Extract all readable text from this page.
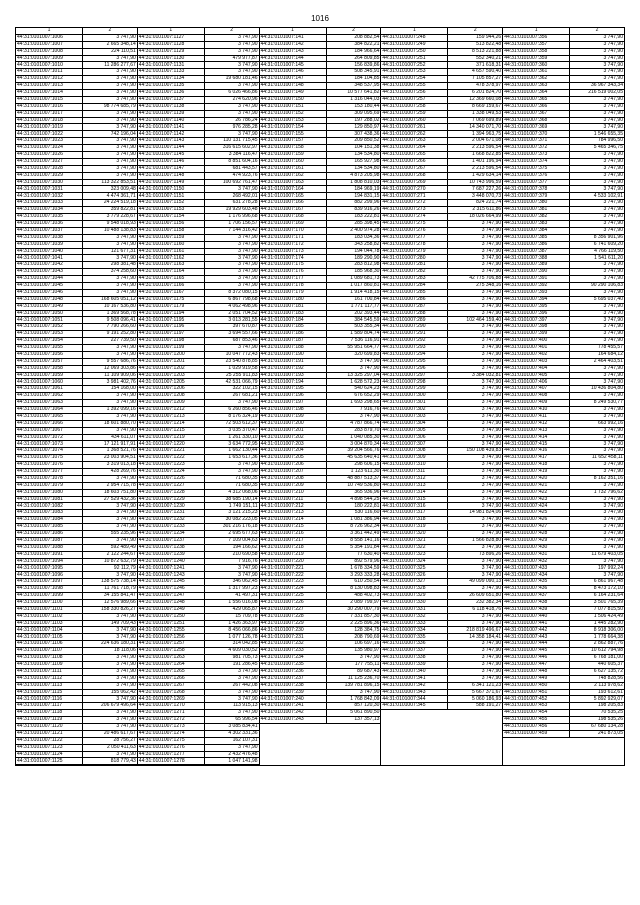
1016
1	2
44:31:0101007:1006	3 747,90
44:31:0101007:1007	2 665 348,14
44:31:0101007:1008	224 110,51
44:31:0101007:1009	3 747,90
44:31:0101007:1010	11 286 277,67
44:31:0101007:1011	3 747,90
44:31:0101007:1012	3 747,90
44:31:0101007:1013	3 747,90
44:31:0101007:1014	3 747,90
44:31:0101007:1015	3 747,90
44:31:0101007:1016	98 774 685,79
44:31:0101007:1017	3 747,90
44:31:0101007:1018	3 747,90
44:31:0101007:1019	3 747,90
44:31:0101007:1022	742 196,04
44:31:0101007:1023	3 747,90
44:31:0101007:1024	3 747,90
44:31:0101007:1026	3 747,90
44:31:0101007:1027	3 747,90
44:31:0101007:1028	3 747,90
44:31:0101007:1029	3 747,90
44:31:0101007:1030	113 322 853,51
44:31:0101007:1031	323 009,48
44:31:0101007:1032	4 474 361,71
44:31:0101007:1033	24 224 519,18
44:31:0101007:1034	359 822,81
44:31:0101007:1035	3 779 228,67
44:31:0101007:1036	9 548 018,93
44:31:0101007:1037	10 488 138,83
44:31:0101007:1038	3 747,90
44:31:0101007:1039	3 747,90
44:31:0101007:1040	121 677,31
44:31:0101007:1041	3 747,90
44:31:0101007:1042	298 381,48
44:31:0101007:1043	374 258,60
44:31:0101007:1044	3 747,90
44:31:0101007:1045	3 747,90
44:31:0101007:1046	3 747,90
44:31:0101007:1048	168 605 051,12
44:31:0101007:1049	10 167 536,80
44:31:0101007:1050	1 369 568,78
44:31:0101007:1051	9 508 096,41
44:31:0101007:1052	7 790 266,60
44:31:0101007:1053	9 191 252,80
44:31:0101007:1054	227 739,50
44:31:0101007:1055	3 747,90
44:31:0101007:1056	3 747,90
44:31:0101007:1057	9 557 686,76
44:31:0101007:1058	12 069 303,86
44:31:0101007:1059	11 109 909,06
44:31:0101007:1060	3 981 402,76
44:31:0101007:1061	154 168,00
44:31:0101007:1062	3 747,90
44:31:0101007:1063	3 747,90
44:31:0101007:1064	1 392 099,16
44:31:0101007:1065	3 747,90
44:31:0101007:1066	18 601 880,70
44:31:0101007:1067	3 747,90
44:31:0101007:1072	434 611,07
44:31:0101007:1073	17 121 917,91
44:31:0101007:1074	1 368 521,76
44:31:0101007:1075	23 003 904,51
44:31:0101007:1076	3 319 013,18
44:31:0101007:1077	428 269,76
44:31:0101007:1078	3 747,90
44:31:0101007:1079	2 954 715,78
44:31:0101007:1080	18 603 751,80
44:31:0101007:1081	27 529 432,36
44:31:0101007:1082	3 747,90
44:31:0101007:1083	3 747,90
44:31:0101007:1084	3 747,90
44:31:0101007:1085	3 747,90
44:31:0101007:1086	555 235,96
44:31:0101007:1087	3 747,90
44:31:0101007:1088	592 489,49
44:31:0101007:1091	2 122 244,67
44:31:0101007:1094	10 872 632,79
44:31:0101007:1095	92 112,79
44:31:0101007:1096	3 747,90
44:31:0101007:1097	138 575 738,14
44:31:0101007:1098	11 761 718,79
44:31:0101007:1099	34 155 841,47
44:31:0101007:1100	12 576 989,66
44:31:0101007:1101	158 330 826,27
44:31:0101007:1102	3 747,90
44:31:0101007:1103	149 709,43
44:31:0101007:1104	3 747,90
44:31:0101007:1105	3 747,90
44:31:0101007:1106	224 636 180,31
44:31:0101007:1107	18 118,06
44:31:0101007:1108	3 747,90
44:31:0101007:1109	3 747,90
44:31:0101007:1111	3 747,90
44:31:0101007:1112	3 747,90
44:31:0101007:1113	3 747,90
44:31:0101007:1115	155 062,42
44:31:0101007:1116	3 747,90
44:31:0101007:1117	206 679 496,64
44:31:0101007:1118	3 747,90
44:31:0101007:1119	3 747,90
44:31:0101007:1120	3 747,90
44:31:0101007:1121	20 486 617,67
44:31:0101007:1122	28 756,27
44:31:0101007:1123	2 050 411,63
44:31:0101007:1124	3 747,90
44:31:0101007:1125	818 779,43
1	2
44:31:0101007:1127	3 747,90
44:31:0101007:1128	3 747,90
44:31:0101007:1129	3 747,90
44:31:0101007:1130	479 977,87
44:31:0101007:1131	3 747,90
44:31:0101007:1133	3 747,90
44:31:0101007:1134	19 680 181,46
44:31:0101007:1135	3 747,90
44:31:0101007:1136	6 026 466,86
44:31:0101007:1137	274 620,96
44:31:0101007:1138	3 747,90
44:31:0101007:1139	3 747,90
44:31:0101007:1140	26 786,24
44:31:0101007:1141	976 285,28
44:31:0101007:1142	3 747,90
44:31:0101007:1143	110 131 715,45
44:31:0101007:1144	316 615 602,97
44:31:0101007:1145	3 384 116,47
44:31:0101007:1146	8 851 604,16
44:31:0101007:1147	681 443,57
44:31:0101007:1148	474 923,76
44:31:0101007:1149	100 692 761,47
44:31:0101007:1150	3 747,90
44:31:0101007:1151	268 492,01
44:31:0101007:1152	631 278,28
44:31:0101007:1153	19 929 603,48
44:31:0101007:1154	1 176 996,68
44:31:0101007:1156	1 706 156,57
44:31:0101007:1158	7 144 316,42
44:31:0101007:1159	3 747,90
44:31:0101007:1160	3 747,90
44:31:0101007:1161	3 747,90
44:31:0101007:1162	3 747,90
44:31:0101007:1163	3 747,90
44:31:0101007:1164	3 747,90
44:31:0101007:1165	3 747,90
44:31:0101007:1166	3 747,90
44:31:0101007:1167	8 372 080,15
44:31:0101007:1175	6 867 798,68
44:31:0101007:1179	4 062 498,96
44:31:0101007:1194	2 051 704,52
44:31:0101007:1195	3 013 281,55
44:31:0101007:1196	397 670,87
44:31:0101007:1197	3 694 557,66
44:31:0101007:1198	687 853,46
44:31:0101007:1199	3 747,90
44:31:0101007:1200	10 047 772,43
44:31:0101007:1201	23 540 878,85
44:31:0101007:1202	1 029 919,58
44:31:0101007:1203	25 255 911,83
44:31:0101007:1205	42 531 066,79
44:31:0101007:1206	322 102,15
44:31:0101007:1208	267 681,21
44:31:0101007:1209	3 747,90
44:31:0101007:1212	6 260 856,46
44:31:0101007:1213	8 176 324,19
44:31:0101007:1214	72 503 612,37
44:31:0101007:1215	3 035 370,47
44:31:0101007:1219	1 261 330,10
44:31:0101007:1220	3 634 772,95
44:31:0101007:1221	1 662 130,44
44:31:0101007:1222	1 653 617,36
44:31:0101007:1223	3 747,90
44:31:0101007:1224	3 747,90
44:31:0101007:1226	71 680,35
44:31:0101007:1227	71 680,35
44:31:0101007:1228	4 312 068,06
44:31:0101007:1229	38 685 190,14
44:31:0101007:1230	1 749 151,11
44:31:0101007:1231	3 121 215,23
44:31:0101007:1232	30 082 223,05
44:31:0101007:1233	301 216 176,18
44:31:0101007:1234	2 695 677,63
44:31:0101007:1237	7 109 004,63
44:31:0101007:1238	194 166,62
44:31:0101007:1239	210 690,58
44:31:0101007:1240	7 916,76
44:31:0101007:1241	3 747,90
44:31:0101007:1243	3 747,90
44:31:0101007:1245	346 062,45
44:31:0101007:1246	1 317 997,23
44:31:0101007:1247	41 497,31
44:31:0101007:1248	1 556 016,08
44:31:0101007:1249	429 065,87
44:31:0101007:1250	15 709,78
44:31:0101007:1251	1 426 363,97
44:31:0101007:1255	8 456 066,86
44:31:0101007:1256	1 077 126,78
44:31:0101007:1257	314 042,85
44:31:0101007:1258	4 609 030,52
44:31:0101007:1263	981 705,73
44:31:0101007:1264	191 286,45
44:31:0101007:1265	3 747,90
44:31:0101007:1266	3 747,90
44:31:0101007:1267	267 442,08
44:31:0101007:1268	3 747,90
44:31:0101007:1269	3 747,90
44:31:0101007:1270	113 915,13
44:31:0101007:1271	3 747,90
44:31:0101007:1272	65 996,54
44:31:0101007:1273	3 085 834,41
44:31:0101007:1274	4 302 331,36
44:31:0101007:1275	162 107,31
44:31:0101007:1276	3 747,90
44:31:0101007:1277	2 432 476,48
44:31:0101007:1278	1 047 141,98
1	2
44:31:0101007:141	208 882,54
44:31:0101007:142	384 822,21
44:31:0101007:143	184 966,64
44:31:0101007:144	264 809,85
44:31:0101007:145	156 839,86
44:31:0101007:146	508 345,91
44:31:0101007:147	184 104,85
44:31:0101007:148	348 537,95
44:31:0101007:149	10 577 641,82
44:31:0101007:150	1 316 044,03
44:31:0101007:151	153 180,44
44:31:0101007:152	309 095,69
44:31:0101007:153	197 288,02
44:31:0101007:154	129 850,97
44:31:0101007:155	307 438,36
44:31:0101007:157	209 850,52
44:31:0101007:158	104 151,38
44:31:0101007:159	134 534,80
44:31:0101007:160	165 927,98
44:31:0101007:161	134 534,80
44:31:0101007:162	4 873 205,98
44:31:0101007:163	1 808 810,03
44:31:0101007:164	184 969,19
44:31:0101007:165	194 831,15
44:31:0101007:166	882 299,96
44:31:0101007:167	839 916,26
44:31:0101007:168	183 222,81
44:31:0101007:169	285 398,45
44:31:0101007:170	2 400 974,28
44:31:0101007:171	183 034,36
44:31:0101007:172	343 258,82
44:31:0101007:173	194 044,78
44:31:0101007:174	189 290,90
44:31:0101007:175	283 812,98
44:31:0101007:176	185 968,30
44:31:0101007:177	1 089 681,73
44:31:0101007:178	1 017 860,81
44:31:0101007:179	1 914 418,15
44:31:0101007:180	161 700,84
44:31:0101007:181	1 771 117,77
44:31:0101007:183	202 393,44
44:31:0101007:184	384 545,59
44:31:0101007:185	503 355,34
44:31:0101007:186	1 589 804,74
44:31:0101007:187	7 536 116,91
44:31:0101007:188	55 951 664,77
44:31:0101007:190	320 699,83
44:31:0101007:191	3 747,90
44:31:0101007:192	3 747,90
44:31:0101007:193	13 325 297,04
44:31:0101007:194	1 628 572,23
44:31:0101007:195	540 624,23
44:31:0101007:196	676 652,29
44:31:0101007:197	1 693 298,65
44:31:0101007:198	7 916,76
44:31:0101007:199	3 747,90
44:31:0101007:200	4 787 866,74
44:31:0101007:201	283 879,70
44:31:0101007:202	1 040 085,30
44:31:0101007:203	3 004 870,34
44:31:0101007:204	39 204 566,76
44:31:0101007:205	45 635 640,41
44:31:0101007:206	298 606,15
44:31:0101007:207	1 123 611,30
44:31:0101007:208	48 887 513,37
44:31:0101007:209	10 749 536,80
44:31:0101007:210	365 936,96
44:31:0101007:211	4 898 544,25
44:31:0101007:212	180 222,81
44:31:0101007:213	530 116,60
44:31:0101007:214	1 081 386,94
44:31:0101007:215	8 726 962,34
44:31:0101007:216	3 361 442,49
44:31:0101007:217	8 558 141,16
44:31:0101007:218	5 354 191,84
44:31:0101007:219	77 630,40
44:31:0101007:220	892 579,96
44:31:0101007:221	1 678 334,59
44:31:0101007:222	3 293 333,28
44:31:0101007:223	610 250,54
44:31:0101007:224	8 130 098,83
44:31:0101007:225	488 402,73
44:31:0101007:226	2 089 799,97
44:31:0101007:227	30 290 007,79
44:31:0101007:228	7 331 857,30
44:31:0101007:229	2 225 896,36
44:31:0101007:230	128 384,75
44:31:0101007:231	208 790,69
44:31:0101007:232	106 697,16
44:31:0101007:233	135 980,97
44:31:0101007:234	3 747,90
44:31:0101007:235	177 755,11
44:31:0101007:236	89 687,43
44:31:0101007:237	11 125 236,70
44:31:0101007:238	139 781 896,15
44:31:0101007:239	3 747,90
44:31:0101007:240	1 768 842,09
44:31:0101007:241	857 120,30
44:31:0101007:242	5 061 890,50
44:31:0101007:243	137 357,13
1	2
44:31:0101007:248	159 944,26
44:31:0101007:249	513 822,48
44:31:0101007:250	8 513 221,88
44:31:0101007:251	552 340,21
44:31:0101007:252	371 618,31
44:31:0101007:253	4 657 590,40
44:31:0101007:254	7 105 857,27
44:31:0101007:255	478 378,97
44:31:0101007:256	6 201 824,70
44:31:0101007:257	12 369 660,08
44:31:0101007:258	8 669 159,67
44:31:0101007:259	1 338 049,53
44:31:0101007:260	7 069 699,89
44:31:0101007:261	14 340 071,70
44:31:0101007:262	1 394 963,75
44:31:0101007:263	2 004 671,08
44:31:0101007:264	2 213 596,54
44:31:0101007:265	1 668 822,85
44:31:0101007:266	1 401 196,94
44:31:0101007:267	2 213 596,54
44:31:0101007:268	1 429 634,14
44:31:0101007:269	10 743 996,59
44:31:0101007:270	7 687 227,26
44:31:0101007:271	3 448 070,73
44:31:0101007:272	824 221,74
44:31:0101007:273	2 315 611,86
44:31:0101007:274	18 026 664,99
44:31:0101007:275	3 747,90
44:31:0101007:276	3 747,90
44:31:0101007:277	3 747,90
44:31:0101007:278	3 747,90
44:31:0101007:279	3 747,90
44:31:0101007:280	3 747,90
44:31:0101007:281	3 747,90
44:31:0101007:282	3 747,90
44:31:0101007:283	42 775 706,88
44:31:0101007:284	275 348,16
44:31:0101007:285	3 747,90
44:31:0101007:286	3 747,90
44:31:0101007:287	3 747,90
44:31:0101007:288	3 747,90
44:31:0101007:289	102 464 159,40
44:31:0101007:290	3 747,90
44:31:0101007:291	3 747,90
44:31:0101007:292	3 747,90
44:31:0101007:293	3 747,90
44:31:0101007:294	3 747,90
44:31:0101007:295	3 747,90
44:31:0101007:296	3 747,90
44:31:0101007:297	3 384 032,81
44:31:0101007:298	3 747,90
44:31:0101007:299	3 747,90
44:31:0101007:300	3 747,90
44:31:0101007:301	3 747,90
44:31:0101007:302	3 747,90
44:31:0101007:303	3 747,90
44:31:0101007:304	3 747,90
44:31:0101007:305	3 747,90
44:31:0101007:306	3 747,90
44:31:0101007:307	3 747,90
44:31:0101007:308	150 108 439,83
44:31:0101007:309	3 747,90
44:31:0101007:310	3 747,90
44:31:0101007:311	3 747,90
44:31:0101007:312	3 747,90
44:31:0101007:313	3 747,90
44:31:0101007:314	3 747,90
44:31:0101007:315	3 747,90
44:31:0101007:316	3 747,90
44:31:0101007:317	14 981 824,06
44:31:0101007:318	3 747,90
44:31:0101007:319	3 747,90
44:31:0101007:320	3 747,90
44:31:0101007:321	1 566 828,80
44:31:0101007:322	3 747,90
44:31:0101007:323	73 896,26
44:31:0101007:324	3 747,90
44:31:0101007:325	3 747,90
44:31:0101007:326	3 747,90
44:31:0101007:327	49 099 090,13
44:31:0101007:328	3 747,90
44:31:0101007:329	26 609 651,80
44:31:0101007:330	232 382,34
44:31:0101007:331	6 118 418,76
44:31:0101007:332	3 747,90
44:31:0101007:333	3 747,90
44:31:0101007:334	218 819 496,67
44:31:0101007:335	14 358 184,41
44:31:0101007:336	3 747,90
44:31:0101007:337	3 747,90
44:31:0101007:338	3 747,90
44:31:0101007:339	3 747,90
44:31:0101007:340	3 747,90
44:31:0101007:341	3 747,90
44:31:0101007:342	6 341 121,23
44:31:0101007:343	5 667 371,67
44:31:0101007:344	5 060 186,93
44:31:0101007:345	588 191,27
1	2
44:31:0101007:356	3 747,90
44:31:0101007:357	3 747,90
44:31:0101007:358	3 747,90
44:31:0101007:359	3 747,90
44:31:0101007:360	3 747,90
44:31:0101007:361	3 747,90
44:31:0101007:362	3 747,90
44:31:0101007:363	36 967 343,34
44:31:0101007:364	216 519 002,05
44:31:0101007:365	3 747,90
44:31:0101007:366	3 747,90
44:31:0101007:367	3 747,90
44:31:0101007:368	3 747,90
44:31:0101007:369	3 747,90
44:31:0101007:370	1 546 655,35
44:31:0101007:371	784 996,50
44:31:0101007:372	5 465 346,75
44:31:0101007:373	3 747,90
44:31:0101007:374	3 747,90
44:31:0101007:375	3 747,90
44:31:0101007:376	3 747,90
44:31:0101007:377	3 747,90
44:31:0101007:378	3 747,90
44:31:0101007:379	4 533 102,91
44:31:0101007:380	3 747,90
44:31:0101007:381	3 747,90
44:31:0101007:382	3 747,90
44:31:0101007:383	3 747,90
44:31:0101007:384	3 747,90
44:31:0101007:385	8 356 901,96
44:31:0101007:386	6 741 609,20
44:31:0101007:387	4 766 119,50
44:31:0101007:388	1 541 611,20
44:31:0101007:389	3 747,90
44:31:0101007:390	3 747,90
44:31:0101007:391	3 747,90
44:31:0101007:392	90 290 106,83
44:31:0101007:393	3 747,90
44:31:0101007:394	5 695 037,40
44:31:0101007:395	3 747,90
44:31:0101007:396	3 747,90
44:31:0101007:397	3 747,90
44:31:0101007:398	3 747,90
44:31:0101007:399	3 747,90
44:31:0101007:400	3 747,90
44:31:0101007:401	778 455,57
44:31:0101007:402	164 684,12
44:31:0101007:403	2 464 403,51
44:31:0101007:404	3 747,90
44:31:0101007:405	3 747,90
44:31:0101007:406	3 747,90
44:31:0101007:407	10 436 804,80
44:31:0101007:408	3 747,90
44:31:0101007:409	8 249 530,77
44:31:0101007:410	3 747,90
44:31:0101007:411	3 747,90
44:31:0101007:412	663 992,16
44:31:0101007:413	3 747,90
44:31:0101007:414	3 747,90
44:31:0101007:415	3 747,90
44:31:0101007:416	3 747,90
44:31:0101007:417	11 652 458,11
44:31:0101007:418	3 747,90
44:31:0101007:419	3 747,90
44:31:0101007:420	8 162 351,16
44:31:0101007:421	3 747,90
44:31:0101007:422	1 732 796,62
44:31:0101007:423	3 747,90
44:31:0101007:424	3 747,90
44:31:0101007:425	3 747,90
44:31:0101007:426	3 747,90
44:31:0101007:427	3 747,90
44:31:0101007:428	3 747,90
44:31:0101007:429	3 747,90
44:31:0101007:430	3 747,90
44:31:0101007:431	11 679 403,05
44:31:0101007:432	3 747,90
44:31:0101007:433	197 992,24
44:31:0101007:434	3 747,90
44:31:0101007:435	6 861 967,48
44:31:0101007:436	8 473 172,10
44:31:0101007:437	6 164 231,64
44:31:0101007:438	3 501 765,39
44:31:0101007:439	7 077 815,50
44:31:0101007:440	1 506 424,49
44:31:0101007:441	1 445 282,90
44:31:0101007:442	8 918 306,00
44:31:0101007:443	1 778 664,38
44:31:0101007:444	2 862 887,76
44:31:0101007:445	10 612 794,98
44:31:0101007:446	6 768 181,00
44:31:0101007:447	440 605,37
44:31:0101007:448	6 627 135,72
44:31:0101007:449	748 828,56
44:31:0101007:450	2 113 978,62
44:31:0101007:451	193 612,61
44:31:0101007:452	5 892 929,07
44:31:0101007:453	198 205,83
44:31:0101007:454	70 535,25
44:31:0101007:455	198 535,26
44:31:0101007:456	67 680 134,28
44:31:0101007:459	241 873,05
